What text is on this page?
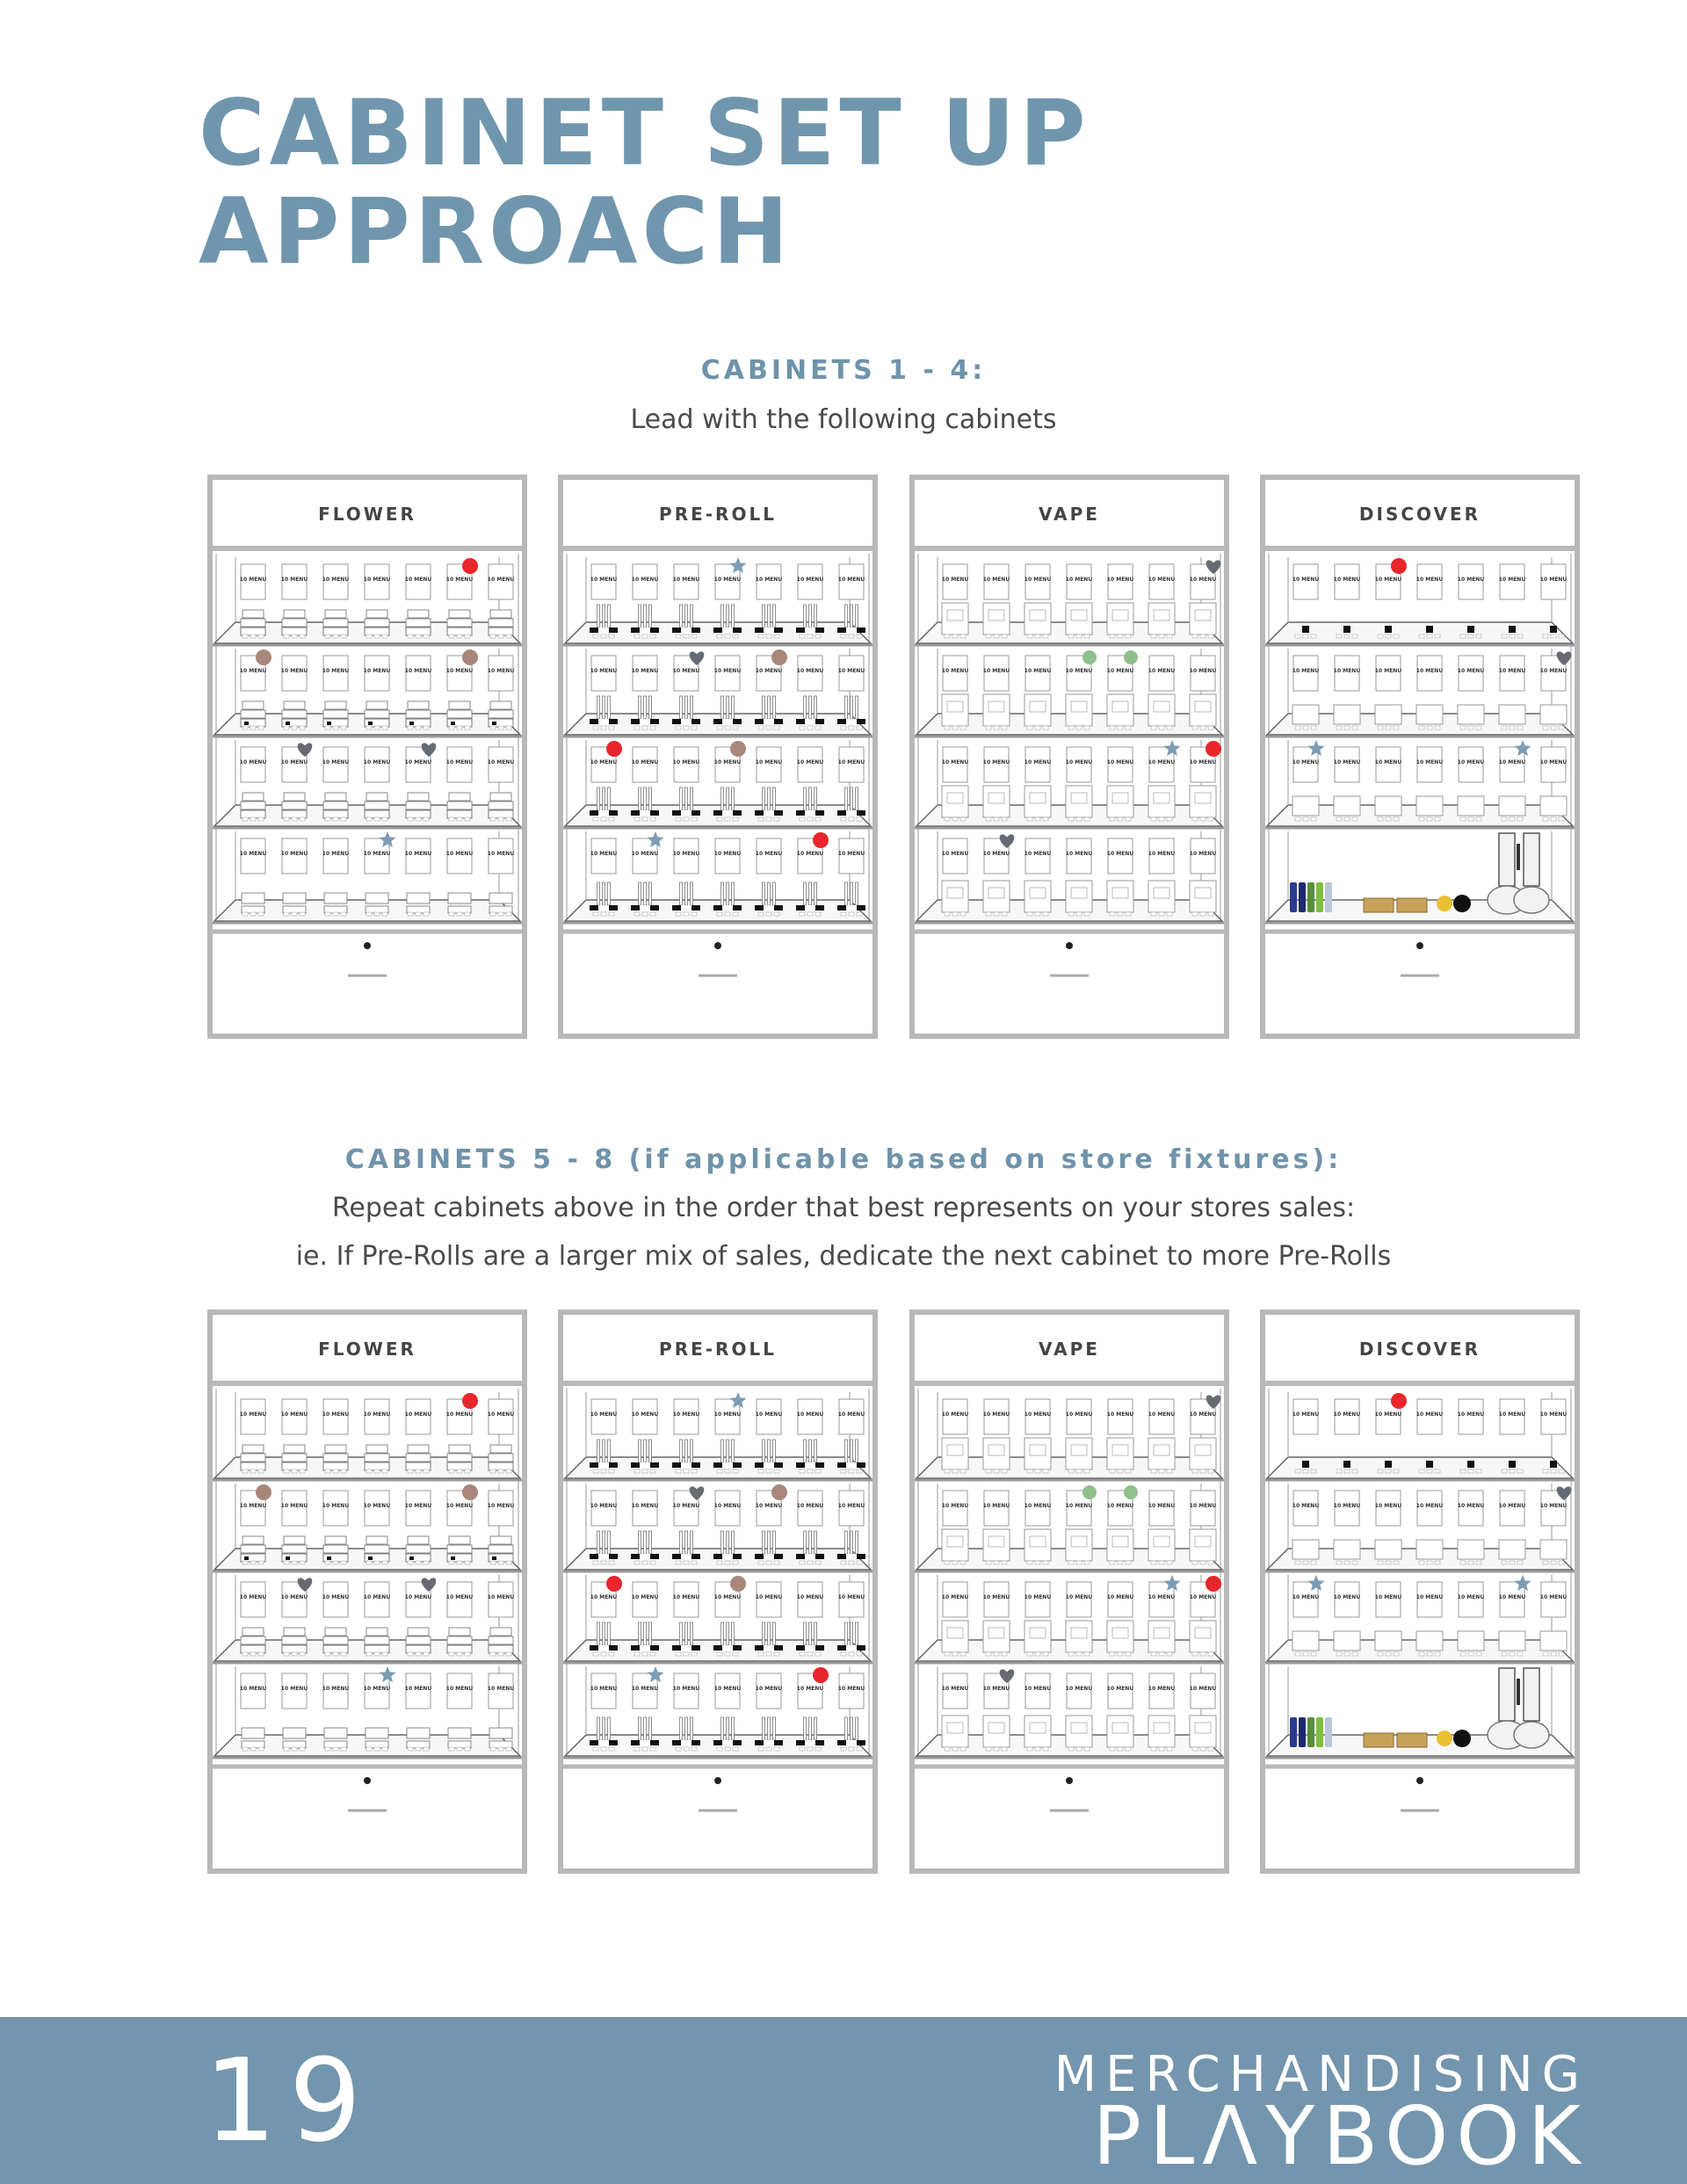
CABINET SET UP
APPROACH

CABINETS 1 - 4:

Lead with the following cabinets

FLOWER
10 MENU	10 MENU	10 MENU	10 MENU	10 MENU	10 MENU	10 MENU
10 MENU	10 MENU	10 MENU	10 MENU	10 MENU	10 MENU	10 MENU
10 MENU	10 MENU	10 MENU	10 MENU	10 MENU	10 MENU	10 MENU
10 MENU	10 MENU	10 MENU	10 MENU	10 MENU	10 MENU	10 MENU
PRE-ROLL
10 MENU	10 MENU	10 MENU	10 MENU	10 MENU	10 MENU	10 MENU
10 MENU	10 MENU	10 MENU	10 MENU	10 MENU	10 MENU	10 MENU
10 MENU	10 MENU	10 MENU	10 MENU	10 MENU	10 MENU	10 MENU
10 MENU	10 MENU	10 MENU	10 MENU	10 MENU	10 MENU	10 MENU
VAPE
10 MENU	10 MENU	10 MENU	10 MENU	10 MENU	10 MENU	10 MENU
10 MENU	10 MENU	10 MENU	10 MENU	10 MENU	10 MENU	10 MENU
10 MENU	10 MENU	10 MENU	10 MENU	10 MENU	10 MENU	10 MENU
10 MENU	10 MENU	10 MENU	10 MENU	10 MENU	10 MENU	10 MENU
DISCOVER
10 MENU	10 MENU	10 MENU	10 MENU	10 MENU	10 MENU	10 MENU
10 MENU	10 MENU	10 MENU	10 MENU	10 MENU	10 MENU	10 MENU
10 MENU	10 MENU	10 MENU	10 MENU	10 MENU	10 MENU	10 MENU

CABINETS 5 - 8 (if applicable based on store fixtures):

Repeat cabinets above in the order that best represents on your stores sales:

ie. If Pre-Rolls are a larger mix of sales, dedicate the next cabinet to more Pre-Rolls

FLOWER
10 MENU	10 MENU	10 MENU	10 MENU	10 MENU	10 MENU	10 MENU
10 MENU	10 MENU	10 MENU	10 MENU	10 MENU	10 MENU	10 MENU
10 MENU	10 MENU	10 MENU	10 MENU	10 MENU	10 MENU	10 MENU
10 MENU	10 MENU	10 MENU	10 MENU	10 MENU	10 MENU	10 MENU
PRE-ROLL
10 MENU	10 MENU	10 MENU	10 MENU	10 MENU	10 MENU	10 MENU
10 MENU	10 MENU	10 MENU	10 MENU	10 MENU	10 MENU	10 MENU
10 MENU	10 MENU	10 MENU	10 MENU	10 MENU	10 MENU	10 MENU
10 MENU	10 MENU	10 MENU	10 MENU	10 MENU	10 MENU	10 MENU
VAPE
10 MENU	10 MENU	10 MENU	10 MENU	10 MENU	10 MENU	10 MENU
10 MENU	10 MENU	10 MENU	10 MENU	10 MENU	10 MENU	10 MENU
10 MENU	10 MENU	10 MENU	10 MENU	10 MENU	10 MENU	10 MENU
10 MENU	10 MENU	10 MENU	10 MENU	10 MENU	10 MENU	10 MENU
DISCOVER
10 MENU	10 MENU	10 MENU	10 MENU	10 MENU	10 MENU	10 MENU
10 MENU	10 MENU	10 MENU	10 MENU	10 MENU	10 MENU	10 MENU
10 MENU	10 MENU	10 MENU	10 MENU	10 MENU	10 MENU	10 MENU
19	MERCHANDISING
PLΛYBOOK
